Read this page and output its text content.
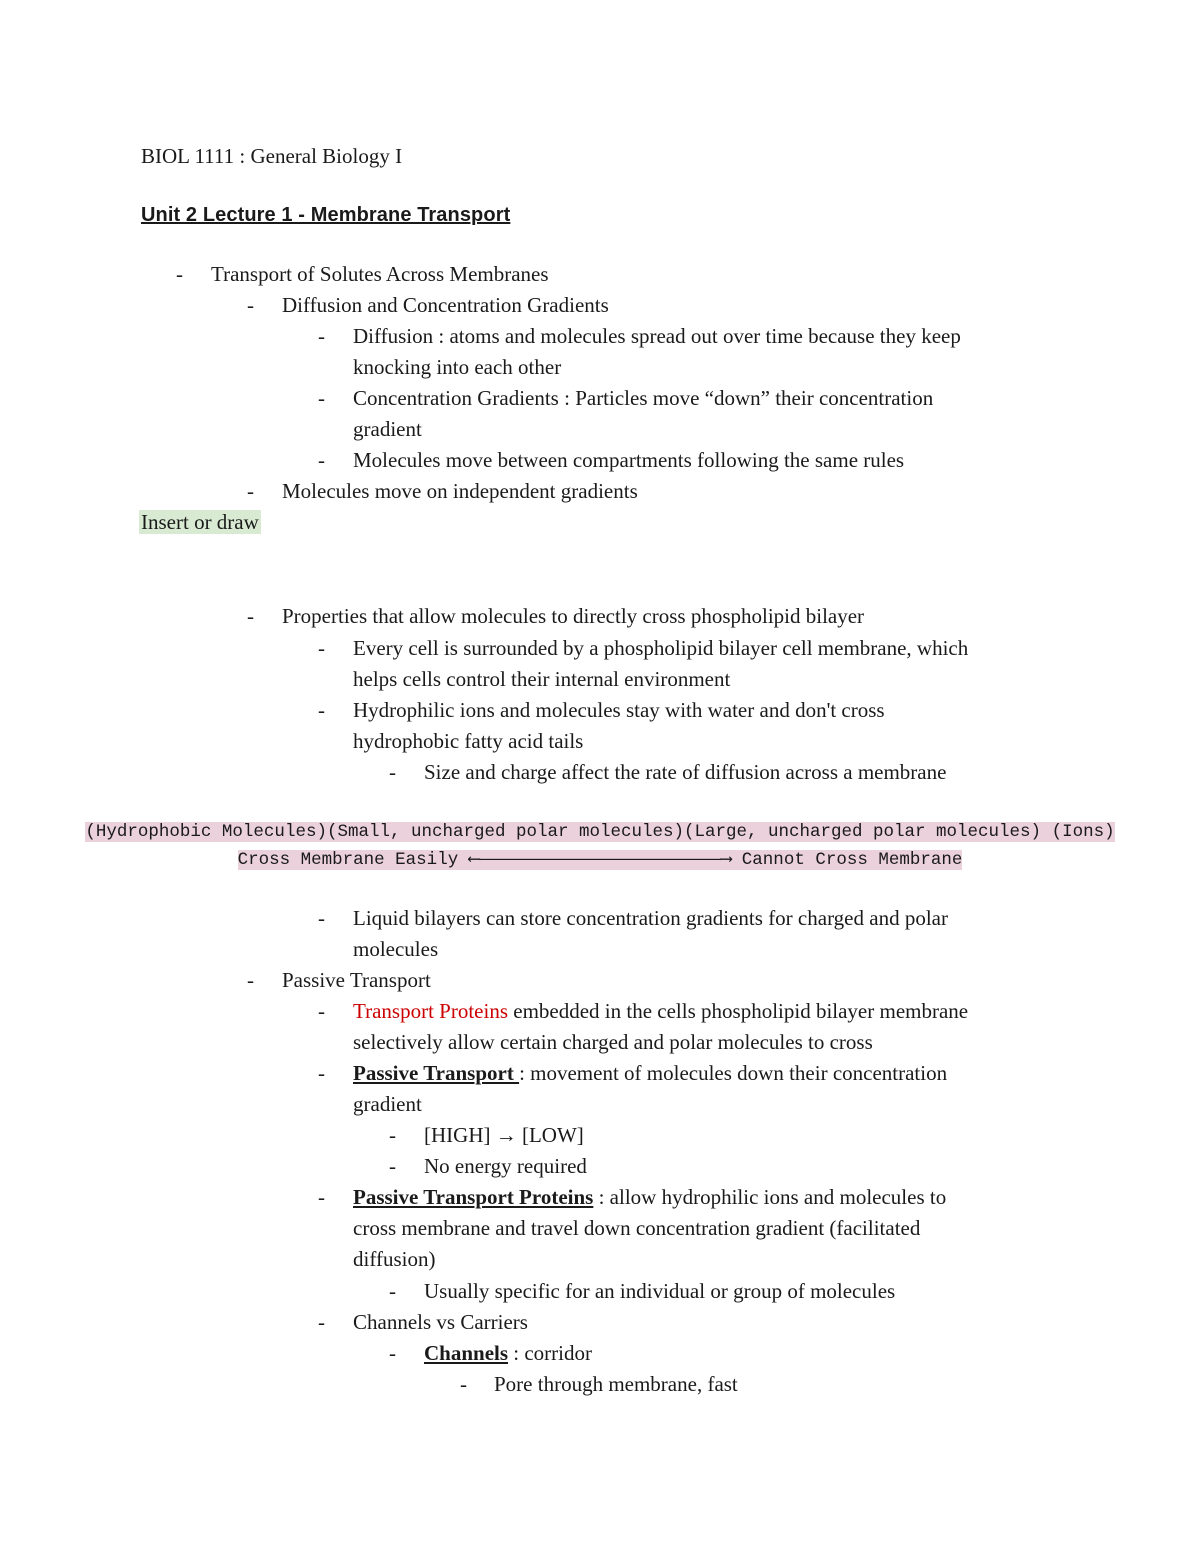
BIOL 1111 : General Biology I
Unit 2 Lecture 1 - Membrane Transport
- Transport of Solutes Across Membranes
- Diffusion and Concentration Gradients
- Diffusion : atoms and molecules spread out over time because they keep
knocking into each other
- Concentration Gradients : Particles move “down” their concentration
gradient
- Molecules move between compartments following the same rules
- Molecules move on independent gradients
Insert or draw
- Properties that allow molecules to directly cross phospholipid bilayer
- Every cell is surrounded by a phospholipid bilayer cell membrane, which
helps cells control their internal environment
- Hydrophilic ions and molecules stay with water and don't cross
hydrophobic fatty acid tails
- Size and charge affect the rate of diffusion across a membrane
(Hydrophobic Molecules)(Small, uncharged polar molecules)(Large, uncharged polar molecules) (Ions)
Cross Membrane Easily ⟵———————————————————————⟶ Cannot Cross Membrane
- Liquid bilayers can store concentration gradients for charged and polar
molecules
- Passive Transport
- Transport Proteins embedded in the cells phospholipid bilayer membrane
selectively allow certain charged and polar molecules to cross
- Passive Transport : movement of molecules down their concentration
gradient
- [HIGH] → [LOW]
- No energy required
- Passive Transport Proteins : allow hydrophilic ions and molecules to
cross membrane and travel down concentration gradient (facilitated
diffusion)
- Usually specific for an individual or group of molecules
- Channels vs Carriers
- Channels : corridor
- Pore through membrane, fast
